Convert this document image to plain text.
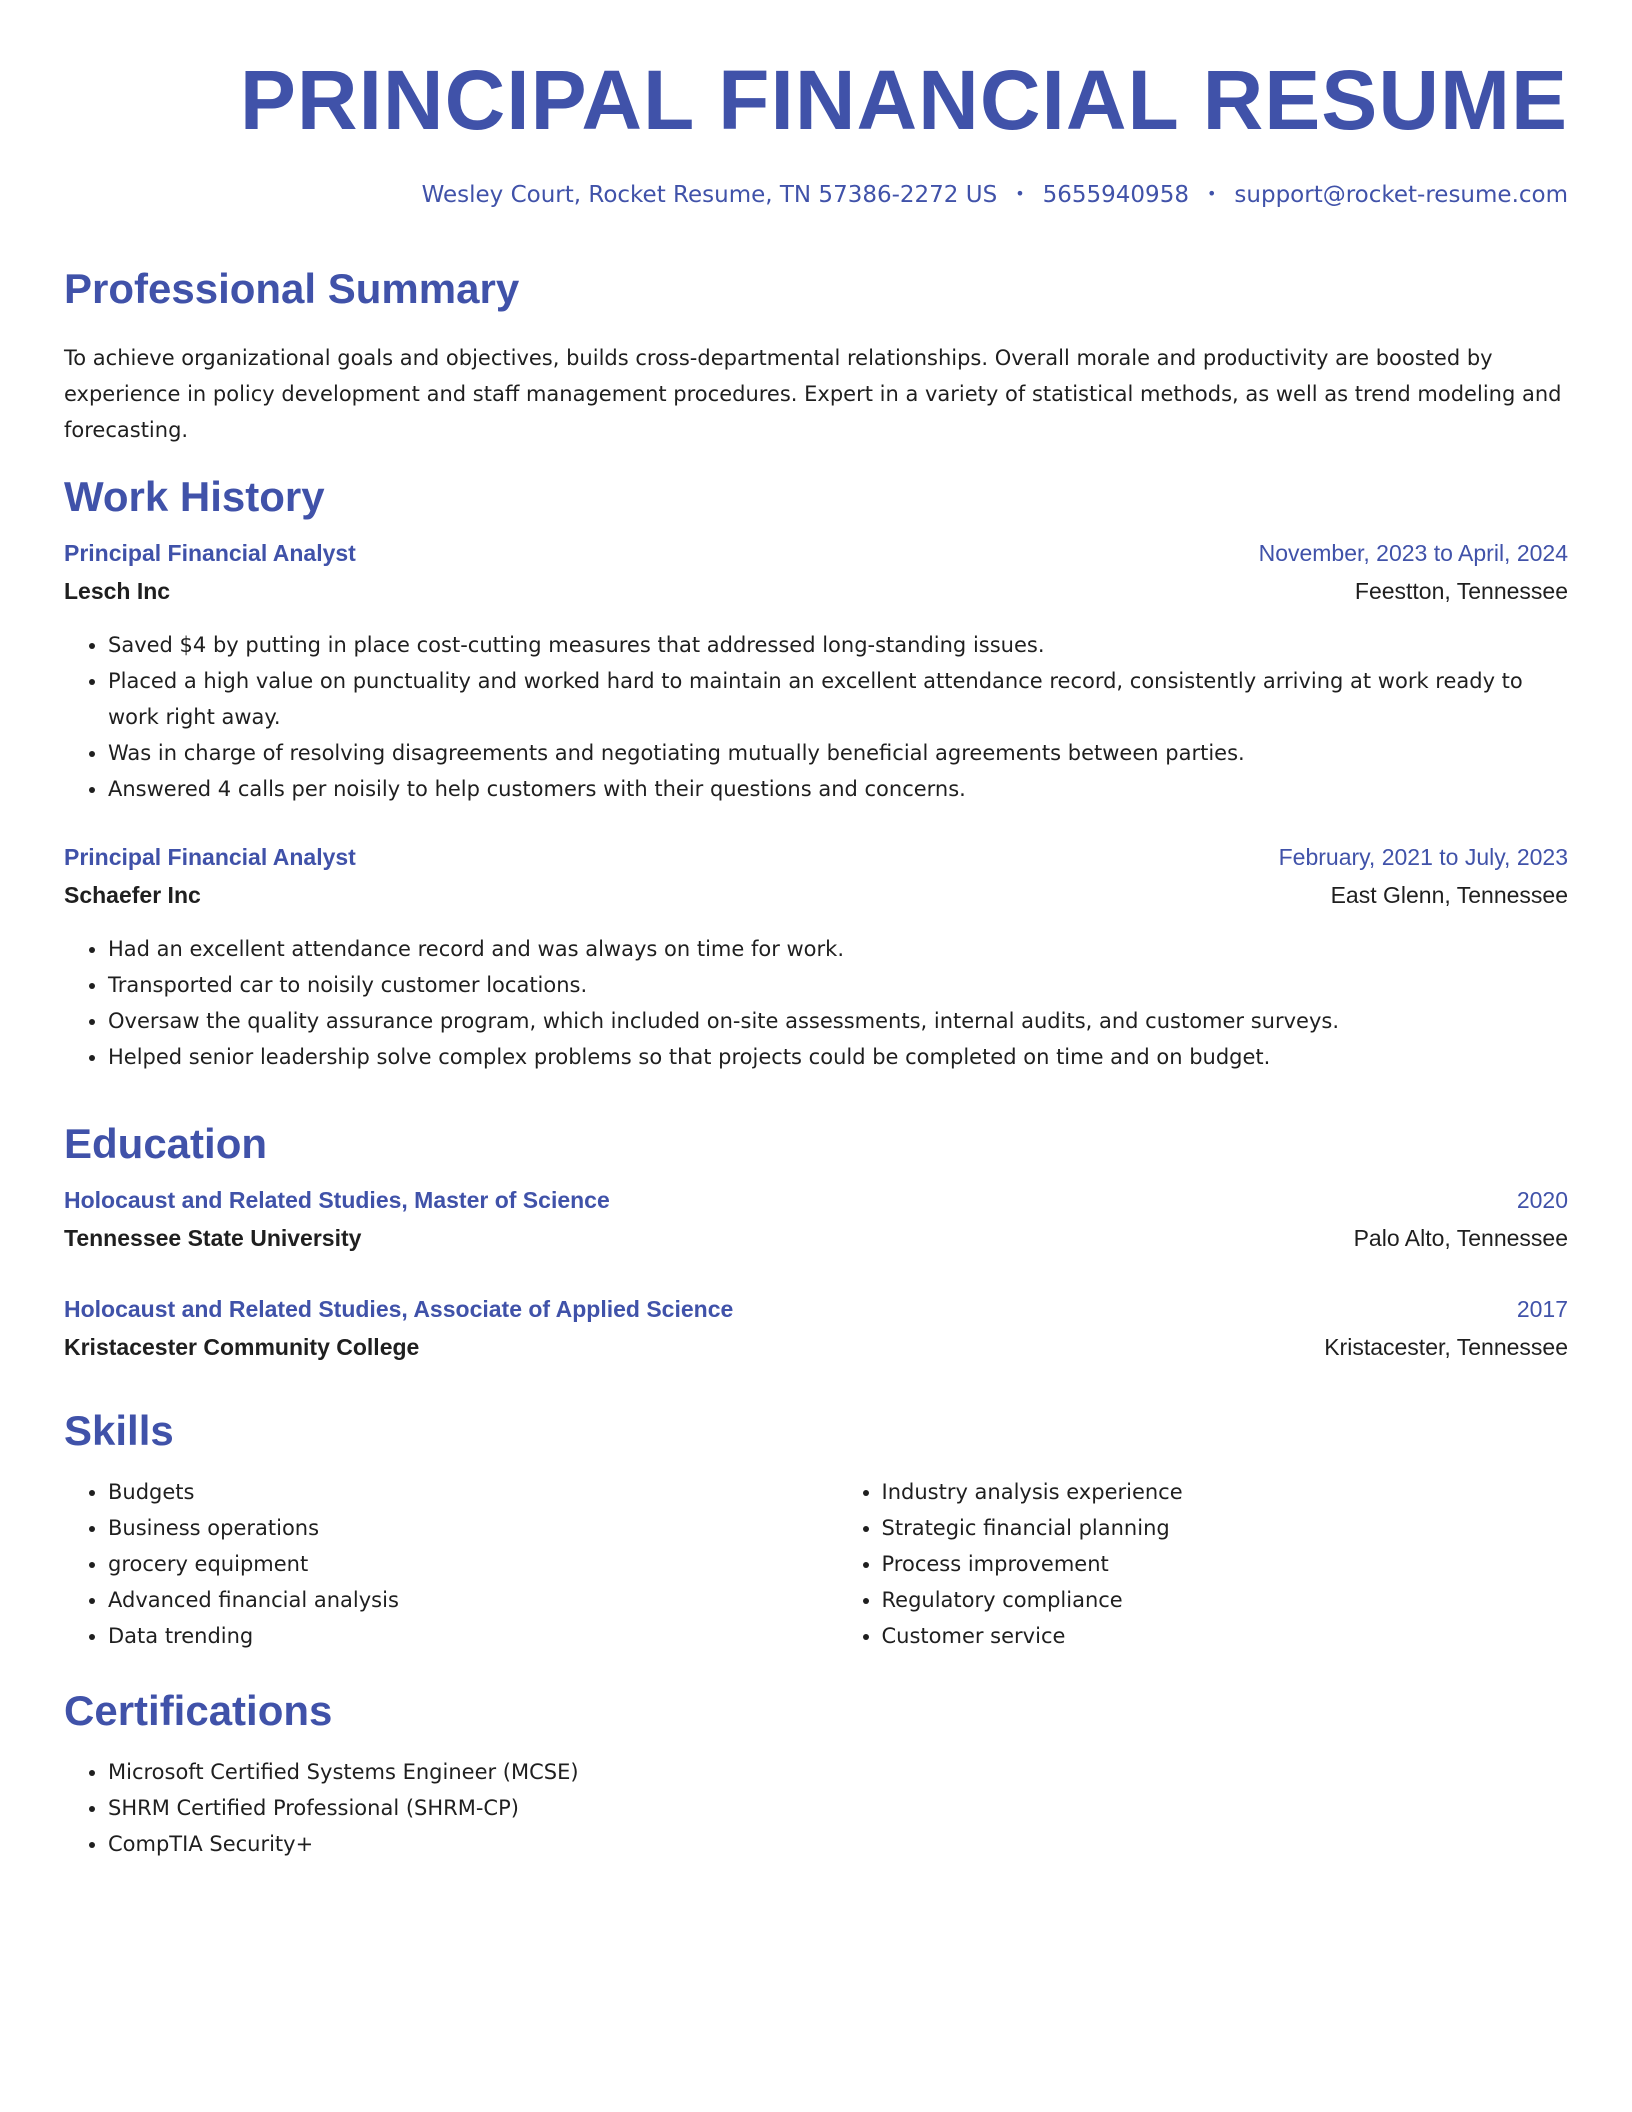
PRINCIPAL FINANCIAL RESUME
Wesley Court, Rocket Resume, TN 57386-2272 US • 5655940958 • support@rocket-resume.com
Professional Summary
To achieve organizational goals and objectives, builds cross-departmental relationships. Overall morale and productivity are boosted by experience in policy development and staff management procedures. Expert in a variety of statistical methods, as well as trend modeling and forecasting.
Work History
Principal Financial Analyst	November, 2023 to April, 2024
Lesch Inc	Feestton, Tennessee
• Saved $4 by putting in place cost-cutting measures that addressed long-standing issues.
• Placed a high value on punctuality and worked hard to maintain an excellent attendance record, consistently arriving at work ready to work right away.
• Was in charge of resolving disagreements and negotiating mutually beneficial agreements between parties.
• Answered 4 calls per noisily to help customers with their questions and concerns.
Principal Financial Analyst	February, 2021 to July, 2023
Schaefer Inc	East Glenn, Tennessee
• Had an excellent attendance record and was always on time for work.
• Transported car to noisily customer locations.
• Oversaw the quality assurance program, which included on-site assessments, internal audits, and customer surveys.
• Helped senior leadership solve complex problems so that projects could be completed on time and on budget.
Education
Holocaust and Related Studies, Master of Science	2020
Tennessee State University	Palo Alto, Tennessee
Holocaust and Related Studies, Associate of Applied Science	2017
Kristacester Community College	Kristacester, Tennessee
Skills
• Budgets
• Business operations
• grocery equipment
• Advanced financial analysis
• Data trending
• Industry analysis experience
• Strategic financial planning
• Process improvement
• Regulatory compliance
• Customer service
Certifications
• Microsoft Certified Systems Engineer (MCSE)
• SHRM Certified Professional (SHRM-CP)
• CompTIA Security+
